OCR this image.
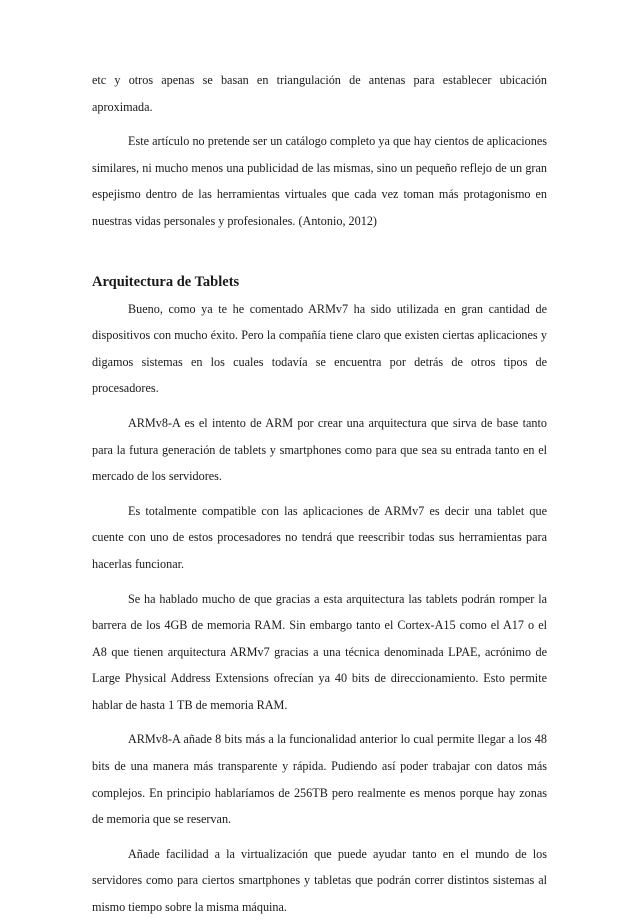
etc y otros apenas se basan en triangulación de antenas para establecer ubicación aproximada.

Este artículo no pretende ser un catálogo completo ya que hay cientos de aplicaciones similares, ni mucho menos una publicidad de las mismas, sino un pequeño reflejo de un gran espejismo dentro de las herramientas virtuales que cada vez toman más protagonismo en nuestras vidas personales y profesionales. (Antonio, 2012)

Arquitectura de Tablets

Bueno, como ya te he comentado ARMv7 ha sido utilizada en gran cantidad de dispositivos con mucho éxito. Pero la compañía tiene claro que existen ciertas aplicaciones y digamos sistemas en los cuales todavía se encuentra por detrás de otros tipos de procesadores.

ARMv8-A es el intento de ARM por crear una arquitectura que sirva de base tanto para la futura generación de tablets y smartphones como para que sea su entrada tanto en el mercado de los servidores.

Es totalmente compatible con las aplicaciones de ARMv7 es decir una tablet que cuente con uno de estos procesadores no tendrá que reescribir todas sus herramientas para hacerlas funcionar.

Se ha hablado mucho de que gracias a esta arquitectura las tablets podrán romper la barrera de los 4GB de memoria RAM. Sin embargo tanto el Cortex-A15 como el A17 o el A8 que tienen arquitectura ARMv7 gracias a una técnica denominada LPAE, acrónimo de Large Physical Address Extensions ofrecían ya 40 bits de direccionamiento. Esto permite hablar de hasta 1 TB de memoria RAM.

ARMv8-A añade 8 bits más a la funcionalidad anterior lo cual permite llegar a los 48 bits de una manera más transparente y rápida. Pudiendo así poder trabajar con datos más complejos. En principio hablaríamos de 256TB pero realmente es menos porque hay zonas de memoria que se reservan.

Añade facilidad a la virtualización que puede ayudar tanto en el mundo de los servidores como para ciertos smartphones y tabletas que podrán correr distintos sistemas al mismo tiempo sobre la misma máquina.
